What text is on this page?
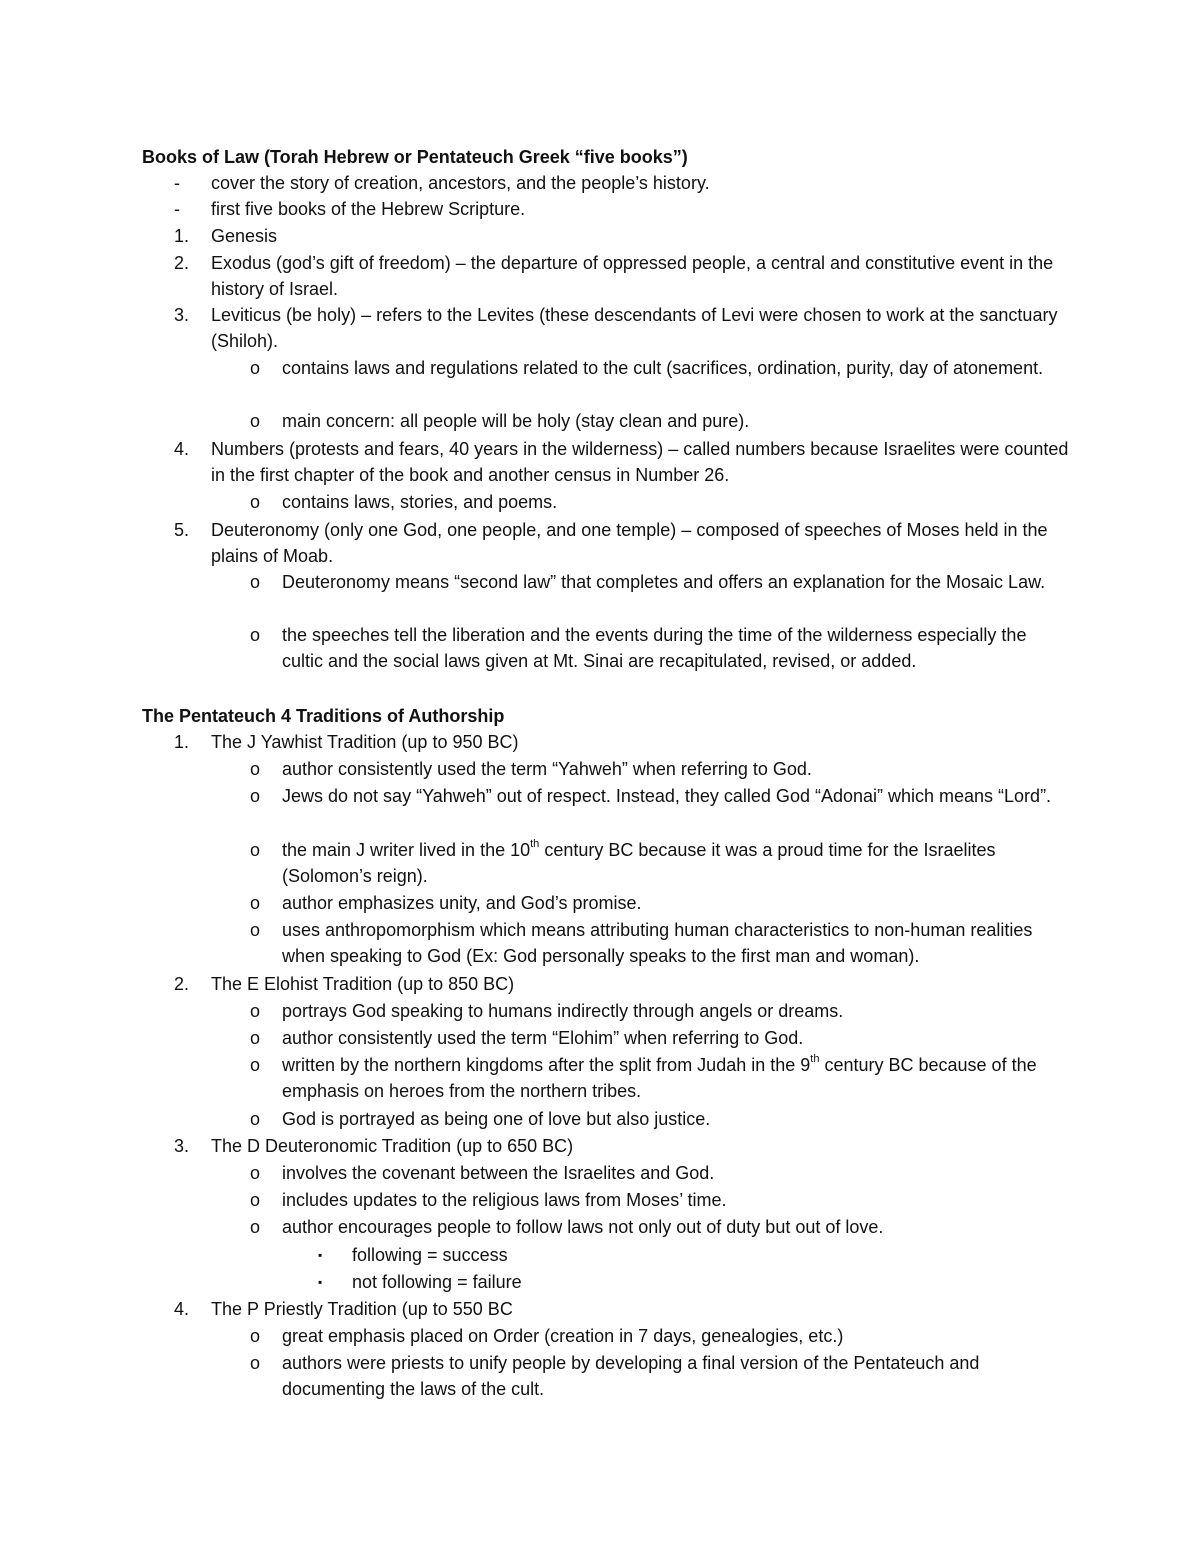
Books of Law (Torah Hebrew or Pentateuch Greek “five books”)
- cover the story of creation, ancestors, and the people’s history.
- first five books of the Hebrew Scripture.
1. Genesis
2. Exodus (god’s gift of freedom) – the departure of oppressed people, a central and constitutive event in the history of Israel.
3. Leviticus (be holy) – refers to the Levites (these descendants of Levi were chosen to work at the sanctuary (Shiloh).
o contains laws and regulations related to the cult (sacrifices, ordination, purity, day of atonement.
o main concern: all people will be holy (stay clean and pure).
4. Numbers (protests and fears, 40 years in the wilderness) – called numbers because Israelites were counted in the first chapter of the book and another census in Number 26.
o contains laws, stories, and poems.
5. Deuteronomy (only one God, one people, and one temple) – composed of speeches of Moses held in the plains of Moab.
o Deuteronomy means “second law” that completes and offers an explanation for the Mosaic Law.
o the speeches tell the liberation and the events during the time of the wilderness especially the cultic and the social laws given at Mt. Sinai are recapitulated, revised, or added.
The Pentateuch 4 Traditions of Authorship
1. The J Yawhist Tradition (up to 950 BC)
o author consistently used the term “Yahweh” when referring to God.
o Jews do not say “Yahweh” out of respect. Instead, they called God “Adonai” which means “Lord”.
o the main J writer lived in the 10th century BC because it was a proud time for the Israelites (Solomon’s reign).
o author emphasizes unity, and God’s promise.
o uses anthropomorphism which means attributing human characteristics to non-human realities when speaking to God (Ex: God personally speaks to the first man and woman).
2. The E Elohist Tradition (up to 850 BC)
o portrays God speaking to humans indirectly through angels or dreams.
o author consistently used the term “Elohim” when referring to God.
o written by the northern kingdoms after the split from Judah in the 9th century BC because of the emphasis on heroes from the northern tribes.
o God is portrayed as being one of love but also justice.
3. The D Deuteronomic Tradition (up to 650 BC)
o involves the covenant between the Israelites and God.
o includes updates to the religious laws from Moses’ time.
o author encourages people to follow laws not only out of duty but out of love.
▪ following = success
▪ not following = failure
4. The P Priestly Tradition (up to 550 BC
o great emphasis placed on Order (creation in 7 days, genealogies, etc.)
o authors were priests to unify people by developing a final version of the Pentateuch and documenting the laws of the cult.
